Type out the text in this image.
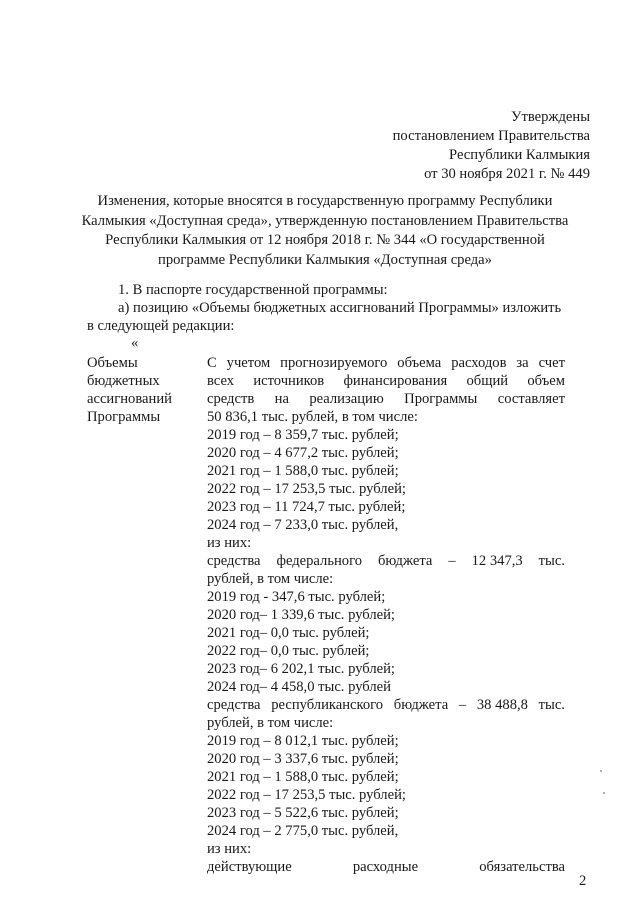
Утверждены
постановлением Правительства
Республики Калмыкия
от 30 ноября 2021 г. № 449
Изменения, которые вносятся в государственную программу Республики
Калмыкия «Доступная среда», утвержденную постановлением Правительства
Республики Калмыкия от 12 ноября 2018 г. № 344 «О государственной
программе Республики Калмыкия «Доступная среда»
1. В паспорте государственной программы:
а) позицию «Объемы бюджетных ассигнований Программы» изложить
в следующей редакции:
«
Объемы
бюджетных
ассигнований
Программы
С учетом прогнозируемого объема расходов за счет
всех источников финансирования общий объем
средств на реализацию Программы составляет
50 836,1 тыс. рублей, в том числе:
2019 год – 8 359,7 тыс. рублей;
2020 год – 4 677,2 тыс. рублей;
2021 год – 1 588,0 тыс. рублей;
2022 год – 17 253,5 тыс. рублей;
2023 год – 11 724,7 тыс. рублей;
2024 год – 7 233,0 тыс. рублей,
из них:
средства федерального бюджета – 12 347,3 тыс.
рублей, в том числе:
2019 год - 347,6 тыс. рублей;
2020 год– 1 339,6 тыс. рублей;
2021 год– 0,0 тыс. рублей;
2022 год– 0,0 тыс. рублей;
2023 год– 6 202,1 тыс. рублей;
2024 год– 4 458,0 тыс. рублей
средства республиканского бюджета – 38 488,8 тыс.
рублей, в том числе:
2019 год – 8 012,1 тыс. рублей;
2020 год – 3 337,6 тыс. рублей;
2021 год – 1 588,0 тыс. рублей;
2022 год – 17 253,5 тыс. рублей;
2023 год – 5 522,6 тыс. рублей;
2024 год – 2 775,0 тыс. рублей,
из них:
действующие	расходные	обязательства
2
